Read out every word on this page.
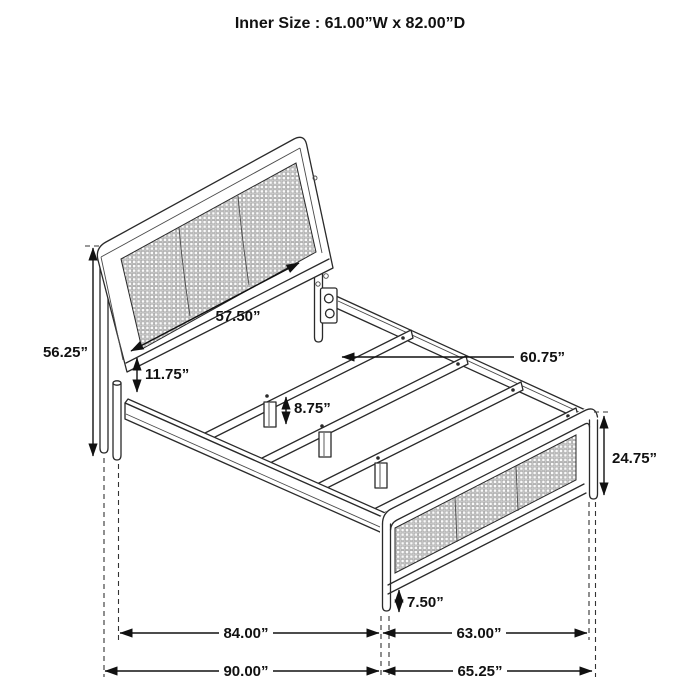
Inner Size : 61.00”W x 82.00”D
56.25”
11.75”
57.50”
60.75”
8.75”
24.75”
7.50”
84.00”	63.00”
90.00”	65.25”
